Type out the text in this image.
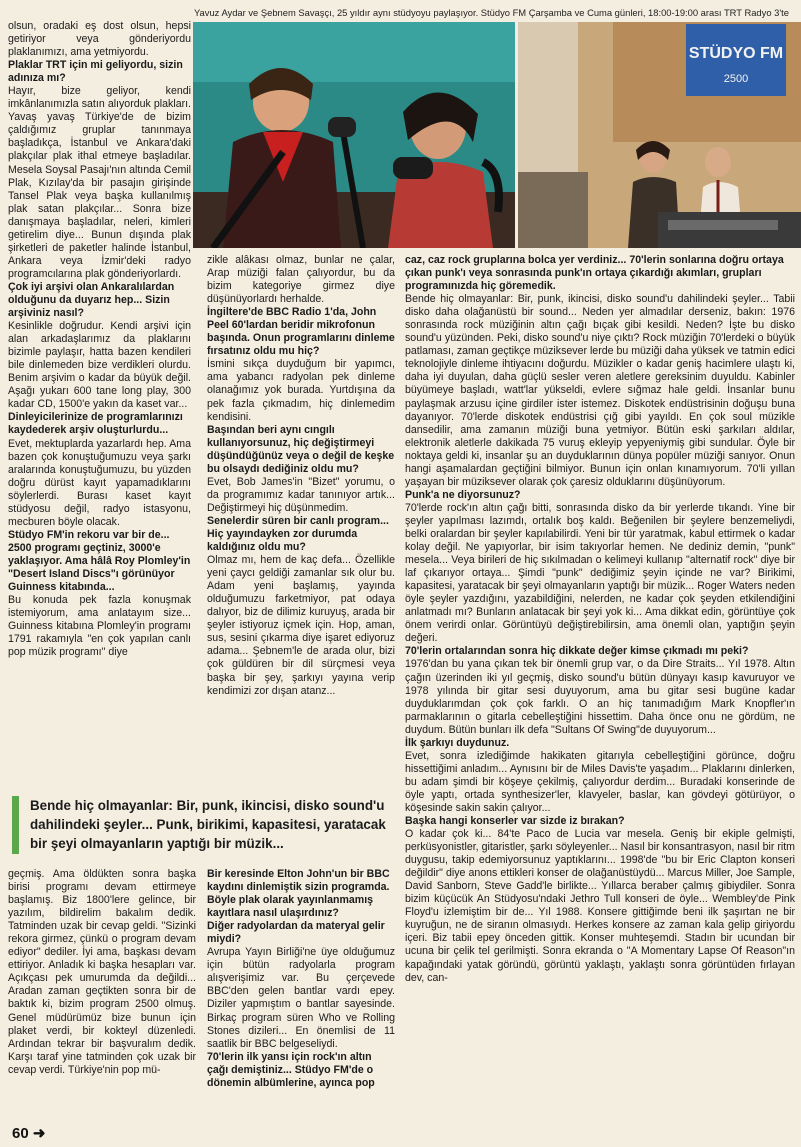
Yavuz Aydar ve Şebnem Savaşçı, 25 yıldır aynı stüdyoyu paylaşıyor. Stüdyo FM Çarşamba ve Cuma günleri, 18:00-19:00 arası TRT Radyo 3'te
STÜDYO FM
2500
olsun, oradaki eş dost olsun, hepsi getiriyor veya gönderiyordu plaklanımızı, ama yetmiyordu.
Plaklar TRT için mi geliyordu, sizin adınıza mı?
Hayır, bize geliyor, kendi imkânlanımızla satın alıyorduk plakları. Yavaş yavaş Türkiye'de de bizim çaldığımız gruplar tanınmaya başladıkça, İstanbul ve Ankara'daki plakçılar plak ithal etmeye başladılar. Mesela Soysal Pasajı'nın altında Cemil Plak, Kızılay'da bir pasajın girişinde Tansel Plak veya başka kullanılmış plak satan plakçılar... Sonra bize danışmaya başladılar, neleri, kimleri getirelim diye... Bunun dışında plak şirketleri de paketler halinde İstanbul, Ankara veya İzmir'deki radyo programcılarına plak gönderiyorlardı.
Çok iyi arşivi olan Ankaralılardan olduğunu da duyarız hep... Sizin arşiviniz nasıl?
Kesinlikle doğrudur. Kendi arşivi için alan arkadaşlarımız da plaklarını bizimle paylaşır, hatta bazen kendileri bile dinlemeden bize verdikleri olurdu. Benim arşivim o kadar da büyük değil. Aşağı yukarı 600 tane long play, 300 kadar CD, 1500'e yakın da kaset var...
Dinleyicilerinize de programlarınızı kaydederek arşiv oluşturlurdu...
Evet, mektuplarda yazarlardı hep. Ama bazen çok konuştuğumuzu veya şarkı aralarında konuştuğumuzu, bu yüzden doğru dürüst kayıt yapamadıklarını söylerlerdi. Burası kaset kayıt stüdyosu değil, radyo istasyonu, mecburen böyle olacak.
Stüdyo FM'in rekoru var bir de... 2500 programı geçtiniz, 3000'e yaklaşıyor. Ama hâlâ Roy Plomley'in "Desert Island Discs"ı görünüyor Guinness kitabında...
Bu konuda pek fazla konuşmak istemiyorum, ama anlatayım size... Guinness kitabına Plomley'in programı 1791 rakamıyla "en çok yapılan canlı pop müzik programı" diye
zikle alâkası olmaz, bunlar ne çalar, Arap müziği falan çalıyordur, bu da bizim kategoriye girmez diye düşünüyorlardı herhalde.
İngiltere'de BBC Radio 1'da, John Peel 60'lardan beridir mikrofonun başında. Onun programlarını dinleme fırsatınız oldu mu hiç?
İsmini sıkça duyduğum bir yapımcı, ama yabancı radyolan pek dinleme olanağımız yok burada. Yurtdışına da pek fazla çıkmadım, hiç dinlemedim kendisini.
Başından beri aynı cıngılı kullanıyorsunuz, hiç değiştirmeyi düşündüğünüz veya o değil de keşke bu olsaydı dediğiniz oldu mu?
Evet, Bob James'in "Bizet" yorumu, o da programımız kadar tanınıyor artık... Değiştirmeyi hiç düşünmedim.
Senelerdir süren bir canlı program... Hiç yayındayken zor durumda kaldığınız oldu mu?
Olmaz mı, hem de kaç defa... Özellikle yeni çaycı geldiği zamanlar sık olur bu. Adam yeni başlamış, yayında olduğumuzu farketmiyor, pat odaya dalıyor, biz de dilimiz kuruyuş, arada bir şeyler istiyoruz içmek için. Hop, aman, sus, sesini çıkarma diye işaret ediyoruz adama... Şebnem'le de arada olur, bizi çok güldüren bir dil sürçmesi veya başka bir şey, şarkıyı yayına verip kendimizi zor dışan atanz...
Bende hiç olmayanlar: Bir, punk, ikincisi, disko sound'u dahilindeki şeyler... Punk, birikimi, kapasitesi, yaratacak bir şeyi olmayanların yaptığı bir müzik...
geçmiş. Ama öldükten sonra başka birisi programı devam ettirmeye başlamış. Biz 1800'lere gelince, bir yazılım, bildirelim bakalım dedik. Tatminden uzak bir cevap geldi. "Sizinki rekora girmez, çünkü o program devam ediyor" dediler. İyi ama, başkası devam ettiriyor. Anladık ki başka hesapları var. Açıkçası pek umurumda da değildi... Aradan zaman geçtikten sonra bir de baktık ki, bizim program 2500 olmuş. Genel müdürümüz bize bunun için plaket verdi, bir kokteyl düzenledi. Ardından tekrar bir başvuralım dedik. Karşı taraf yine tatminden çok uzak bir cevap verdi. Türkiye'nin pop mü-
Bir keresinde Elton John'un bir BBC kaydını dinlemiştik sizin programda. Böyle plak olarak yayınlanmamış kayıtlara nasıl ulaşırdınız?
Diğer radyolardan da materyal gelir miydi?
Avrupa Yayın Birliği'ne üye olduğumuz için bütün radyolarla program alışverişimiz var. Bu çerçevede BBC'den gelen bantlar vardı epey. Diziler yapmıştım o bantlar sayesinde. Birkaç program süren Who ve Rolling Stones dizileri... En önemlisi de 11 saatlik bir BBC belgeseliydi.
70'lerin ilk yansı için rock'ın altın çağı demiştiniz... Stüdyo FM'de o dönemin albümlerine, ayınca pop
caz, caz rock gruplarına bolca yer verdiniz... 70'lerin sonlarına doğru ortaya çıkan punk'ı veya sonrasında punk'ın ortaya çıkardığı akımları, grupları programınızda hiç göremedik.
Bende hiç olmayanlar: Bir, punk, ikincisi, disko sound'u dahilindeki şeyler... Tabii disko daha olağanüstü bir sound... Neden yer almadılar derseniz, bakın: 1976 sonrasında rock müziğinin altın çağı bıçak gibi kesildi. Neden? İşte bu disko sound'u yüzünden. Peki, disko sound'u niye çıktı? Rock müziğin 70'lerdeki o büyük patlaması, zaman geçtikçe müziksever lerde bu müziği daha yüksek ve tatmin edici teknolojiyle dinleme ihtiyacını doğurdu. Müzikler o kadar geniş hacimlere ulaştı ki, daha iyi duyulan, daha güçlü sesler veren aletlere gereksinim duyuldu. Kabinler büyümeye başladı, watt'lar yükseldi, evlere sığmaz hale geldi. İnsanlar bunu paylaşmak arzusu içine girdiler ister istemez. Diskotek endüstrisinin doğuşu buna dayanıyor. 70'lerde diskotek endüstrisi çığ gibi yayıldı. En çok soul müzikle dansedilir, ama zamanın müziği buna yetmiyor. Bütün eski şarkıları aldılar, elektronik aletlerle dakikada 75 vuruş ekleyip yepyeniymiş gibi sundular. Öyle bir noktaya geldi ki, insanlar şu an duyduklarının dünya popüler müziği sanıyor. Onun hangi aşamalardan geçtiğini bilmiyor. Bunun için onlan kınamıyorum. 70'li yıllan yaşayan bir müziksever olarak çok çaresiz olduklarını düşünüyorum.
Punk'a ne diyorsunuz?
70'lerde rock'ın altın çağı bitti, sonrasında disko da bir yerlerde tıkandı. Yine bir şeyler yapılması lazımdı, ortalık boş kaldı. Beğenilen bir şeylere benzemeliydi, belki oralardan bir şeyler kapılabilirdi. Yeni bir tür yaratmak, kabul ettirmek o kadar kolay değil. Ne yapıyorlar, bir isim takıyorlar hemen. Ne dediniz demin, "punk" mesela... Veya birileri de hiç sıkılmadan o kelimeyi kullanıp "alternatif rock" diye bir laf çıkarıyor ortaya... Şimdi "punk" dediğimiz şeyin içinde ne var? Birikimi, kapasitesi, yaratacak bir şeyi olmayanların yaptığı bir müzik... Roger Waters neden öyle şeyler yazdığını, yazabildiğini, nelerden, ne kadar çok şeyden etkilendiğini anlatmadı mı? Bunların anlatacak bir şeyi yok ki... Ama dikkat edin, görüntüye çok önem verirdi onlar. Görüntüyü değiştirebilirsin, ama önemli olan, yaptığın şeyin değeri.
70'lerin ortalarından sonra hiç dikkate değer kimse çıkmadı mı peki?
1976'dan bu yana çıkan tek bir önemli grup var, o da Dire Straits... Yıl 1978. Altın çağın üzerinden iki yıl geçmiş, disko sound'u bütün dünyayı kasıp kavuruyor ve 1978 yılında bir gitar sesi duyuyorum, ama bu gitar sesi bugüne kadar duyduklarımdan çok çok farklı. O an hiç tanımadığım Mark Knopfler'ın parmaklarının o gitarla cebelleştiğini hissettim. Daha önce onu ne gördüm, ne duydum. Bütün bunları ilk defa "Sultans Of Swing"de duyuyorum...
İlk şarkıyı duydunuz.
Evet, sonra izlediğimde hakikaten gitarıyla cebelleştiğini görünce, doğru hissettiğimi anladım... Aynısını bir de Miles Davis'te yaşadım... Plaklarını dinlerken, bu adam şimdi bir köşeye çekilmiş, çalıyordur derdim... Buradaki konserinde de öyle yaptı, ortada synthesizer'ler, klavyeler, baslar, kan gövdeyi götürüyor, o köşesinde sakin sakin çalıyor...
Başka hangi konserler var sizde iz bırakan?
O kadar çok ki... 84'te Paco de Lucia var mesela. Geniş bir ekiple gelmişti, perküsyonistler, gitaristler, şarkı söyleyenler... Nasıl bir konsantrasyon, nasıl bir ritm duygusu, takip edemiyorsunuz yaptıklarını... 1998'de "bu bir Eric Clapton konseri değildir" diye anons ettikleri konser de olağanüstüydü... Marcus Miller, Joe Sample, David Sanborn, Steve Gadd'le birlikte... Yıllarca beraber çalmış gibiydiler. Sonra bizim küçücük An Stüdyosu'ndaki Jethro Tull konseri de öyle... Wembley'de Pink Floyd'u izlemiştim bir de... Yıl 1988. Konsere gittiğimde beni ilk şaşırtan ne bir kuyruğun, ne de siranın olmasıydı. Herkes konsere az zaman kala gelip giriyordu içeri. Biz tabii epey önceden gittik. Konser muhteşemdi. Stadın bir ucundan bir ucuna bir çelik tel gerilmişti. Sonra ekranda o "A Momentary Lapse Of Reason"ın kapağındaki yatak göründü, görüntü yaklaştı, yaklaştı sonra görüntüden fırlayan dev, can-
60 ➜
